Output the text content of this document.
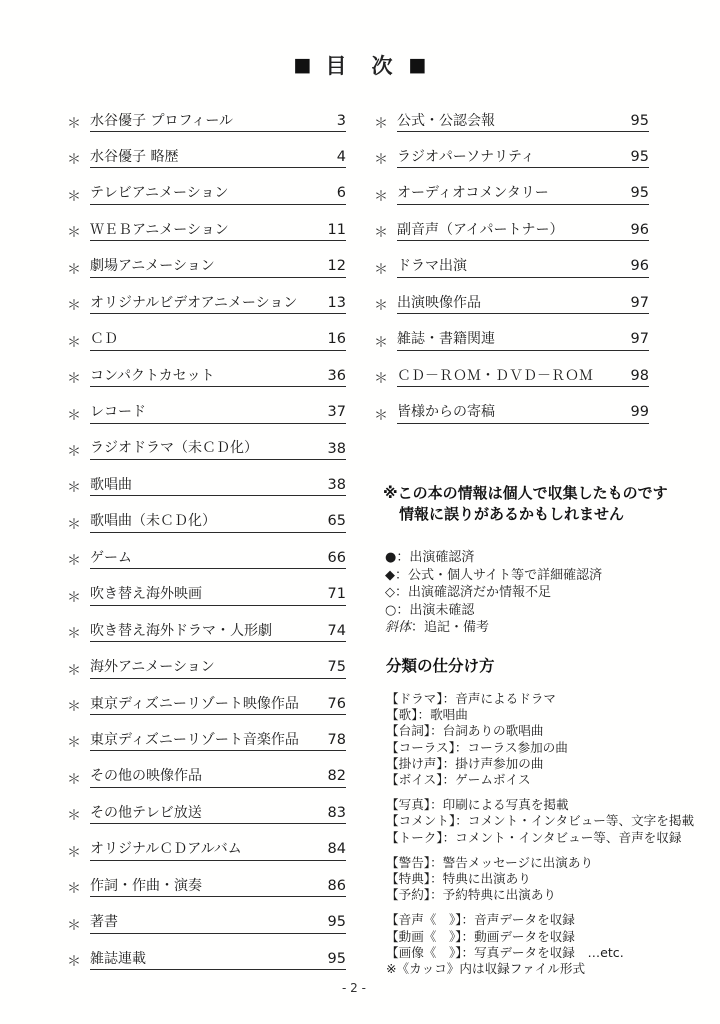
■ 目　次 ■
＊ 水谷優子 プロフィール	3
＊ 水谷優子 略歴	4
＊ テレビアニメーション	6
＊ ＷＥＢアニメーション	11
＊ 劇場アニメーション	12
＊ オリジナルビデオアニメーション 13
＊ ＣＤ	16
＊ コンパクトカセット	36
＊ レコード	37
＊ ラジオドラマ（未ＣＤ化）	38
＊ 歌唱曲	38
＊ 歌唱曲（未ＣＤ化）	65
＊ ゲーム	66
＊ 吹き替え海外映画	71
＊ 吹き替え海外ドラマ・人形劇	74
＊ 海外アニメーション	75
＊ 東京ディズニーリゾート映像作品 76
＊ 東京ディズニーリゾート音楽作品 78
＊ その他の映像作品	82
＊ その他テレビ放送	83
＊ オリジナルＣＤアルバム	84
＊ 作詞・作曲・演奏	86
＊ 著書	95
＊ 雑誌連載	95
＊ 公式・公認会報	95
＊ ラジオパーソナリティ	95
＊ オーディオコメンタリー	95
＊ 副音声（アイパートナー）	96
＊ ドラマ出演	96
＊ 出演映像作品	97
＊ 雑誌・書籍関連	97
＊ ＣＤ－ＲＯＭ・ＤＶＤ－ＲＯＭ	98
＊ 皆様からの寄稿	99
※この本の情報は個人で収集したものです
情報に誤りがあるかもしれません
●：出演確認済
◆：公式・個人サイト等で詳細確認済
◇：出演確認済だか情報不足
○：出演未確認
斜体：追記・備考
分類の仕分け方
【ドラマ】：音声によるドラマ
【歌】：歌唱曲
【台詞】：台詞ありの歌唱曲
【コーラス】：コーラス参加の曲
【掛け声】：掛け声参加の曲
【ボイス】：ゲームボイス
【写真】：印刷による写真を掲載
【コメント】：コメント・インタビュー等、文字を掲載
【トーク】：コメント・インタビュー等、音声を収録
【警告】：警告メッセージに出演あり
【特典】：特典に出演あり
【予約】：予約特典に出演あり
【音声《　》】：音声データを収録
【動画《　》】：動画データを収録
【画像《　》】：写真データを収録　…etc.
※《カッコ》内は収録ファイル形式
- 2 -
